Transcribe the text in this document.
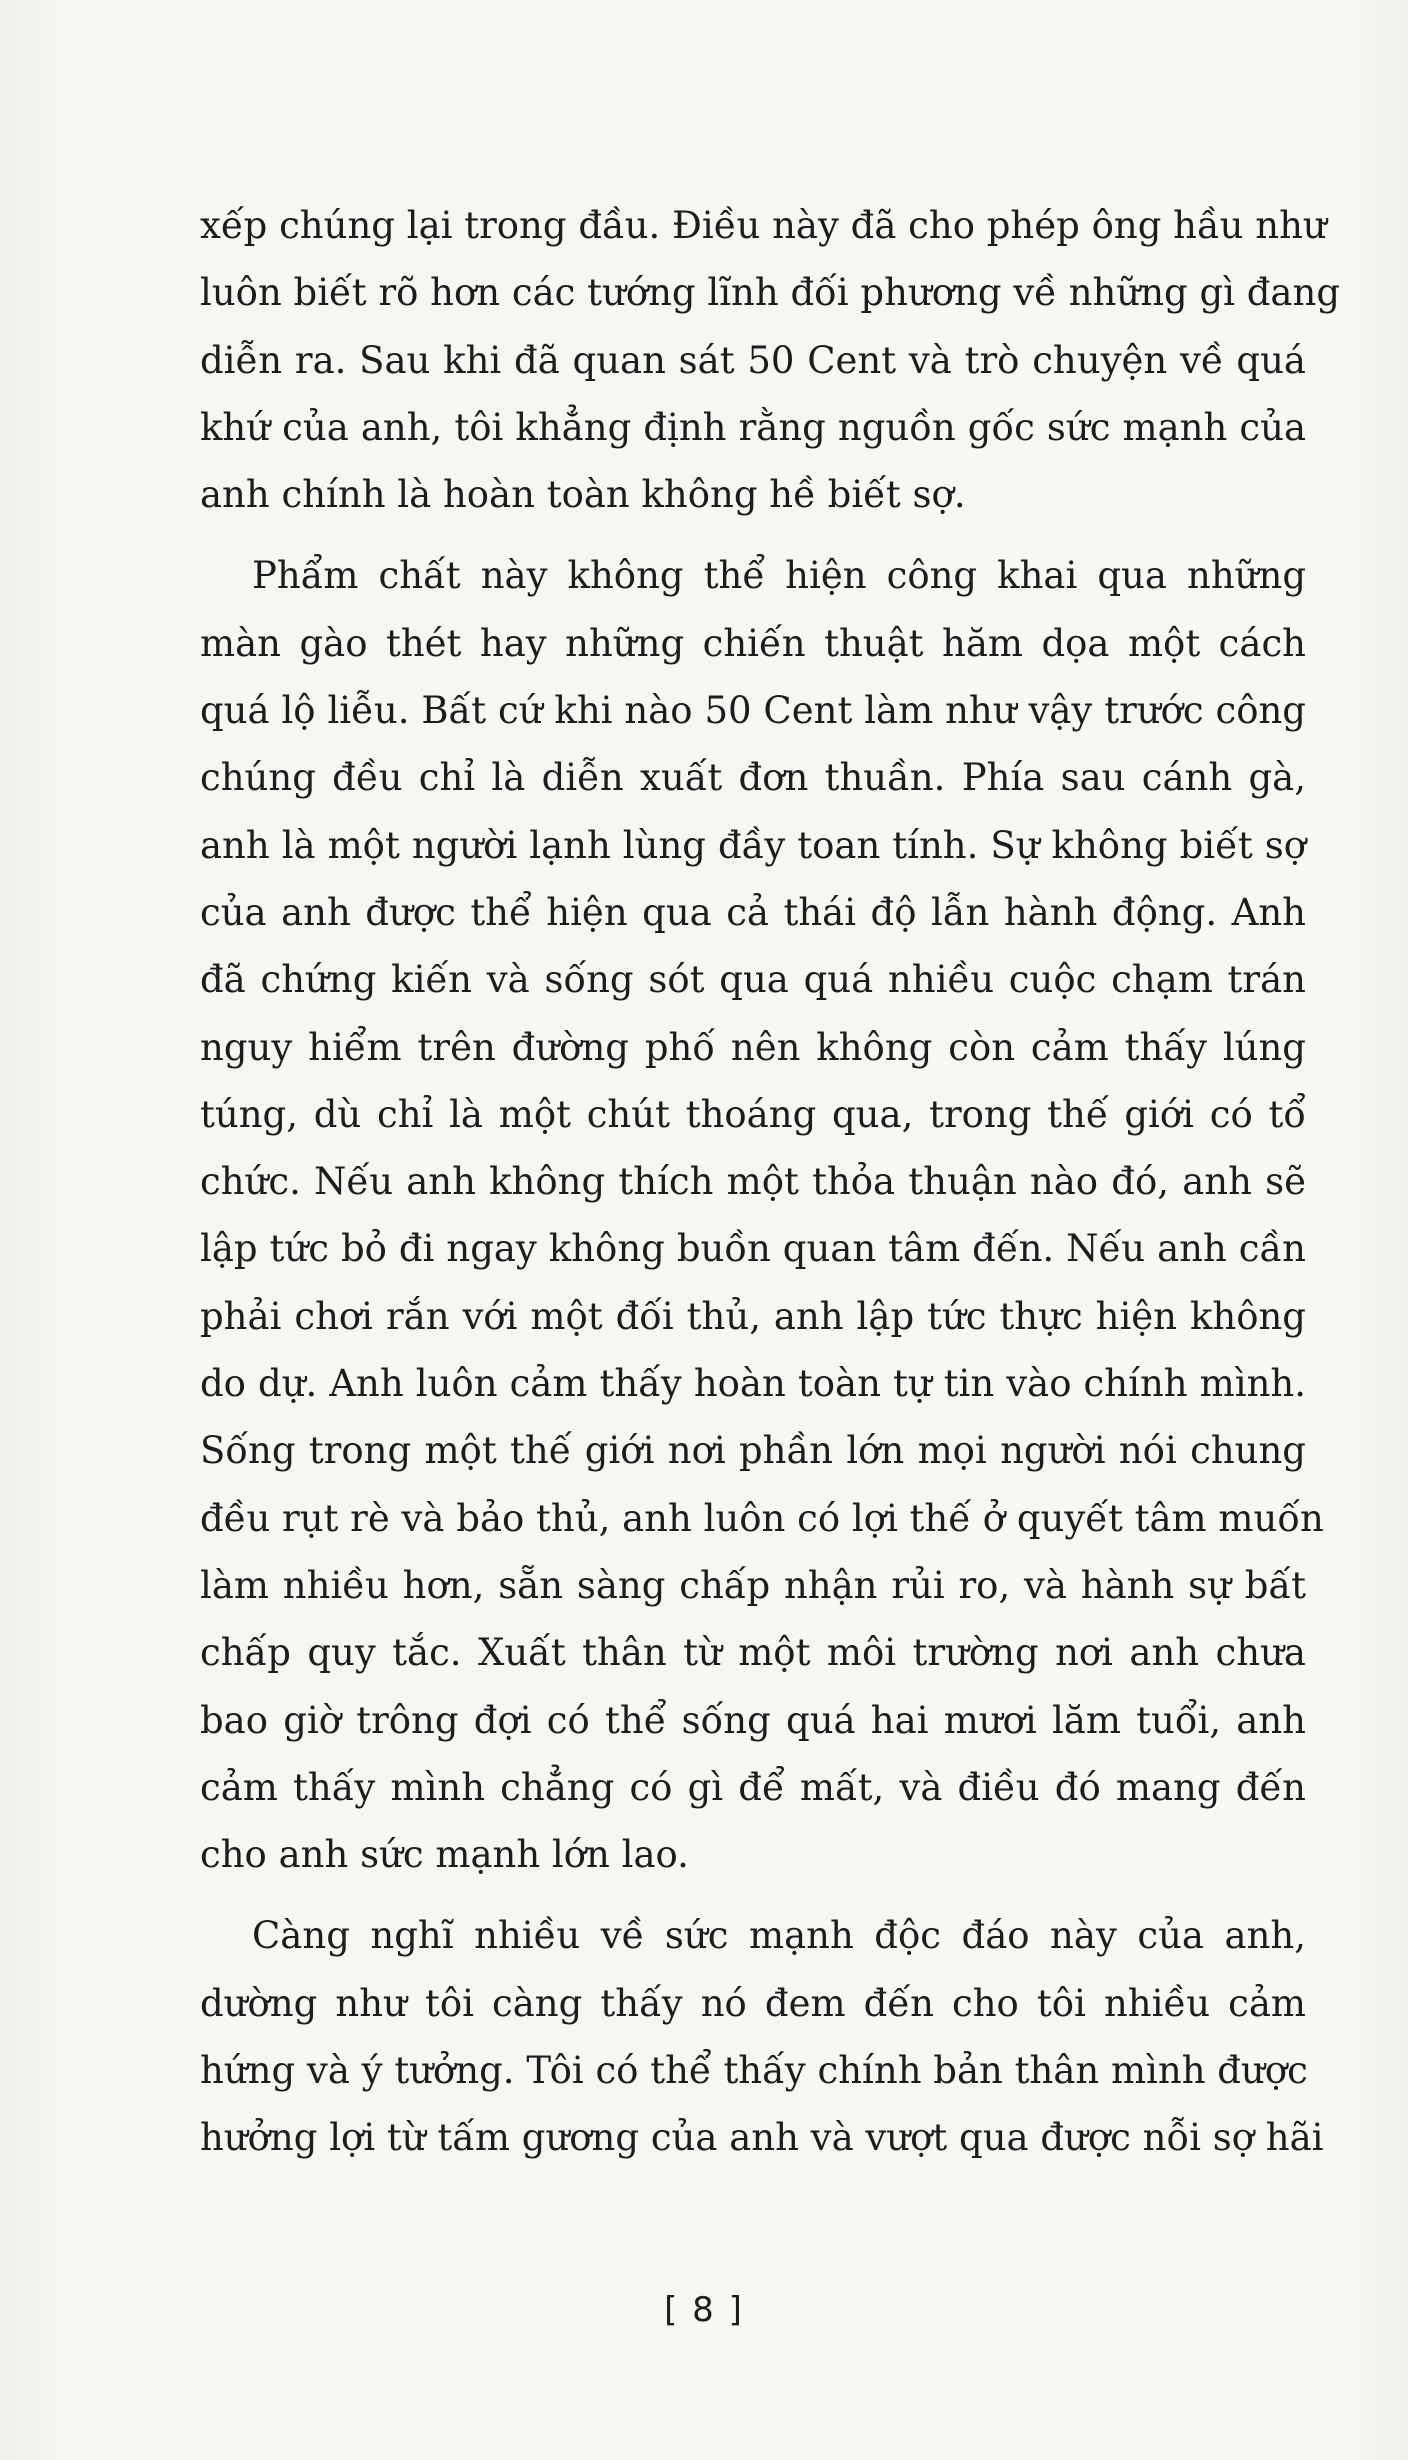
xếp chúng lại trong đầu. Điều này đã cho phép ông hầu như
luôn biết rõ hơn các tướng lĩnh đối phương về những gì đang
diễn ra. Sau khi đã quan sát 50 Cent và trò chuyện về quá
khứ của anh, tôi khẳng định rằng nguồn gốc sức mạnh của
anh chính là hoàn toàn không hề biết sợ.
Phẩm chất này không thể hiện công khai qua những
màn gào thét hay những chiến thuật hăm dọa một cách
quá lộ liễu. Bất cứ khi nào 50 Cent làm như vậy trước công
chúng đều chỉ là diễn xuất đơn thuần. Phía sau cánh gà,
anh là một người lạnh lùng đầy toan tính. Sự không biết sợ
của anh được thể hiện qua cả thái độ lẫn hành động. Anh
đã chứng kiến và sống sót qua quá nhiều cuộc chạm trán
nguy hiểm trên đường phố nên không còn cảm thấy lúng
túng, dù chỉ là một chút thoáng qua, trong thế giới có tổ
chức. Nếu anh không thích một thỏa thuận nào đó, anh sẽ
lập tức bỏ đi ngay không buồn quan tâm đến. Nếu anh cần
phải chơi rắn với một đối thủ, anh lập tức thực hiện không
do dự. Anh luôn cảm thấy hoàn toàn tự tin vào chính mình.
Sống trong một thế giới nơi phần lớn mọi người nói chung
đều rụt rè và bảo thủ, anh luôn có lợi thế ở quyết tâm muốn
làm nhiều hơn, sẵn sàng chấp nhận rủi ro, và hành sự bất
chấp quy tắc. Xuất thân từ một môi trường nơi anh chưa
bao giờ trông đợi có thể sống quá hai mươi lăm tuổi, anh
cảm thấy mình chẳng có gì để mất, và điều đó mang đến
cho anh sức mạnh lớn lao.
Càng nghĩ nhiều về sức mạnh độc đáo này của anh,
dường như tôi càng thấy nó đem đến cho tôi nhiều cảm
hứng và ý tưởng. Tôi có thể thấy chính bản thân mình được
hưởng lợi từ tấm gương của anh và vượt qua được nỗi sợ hãi
[ 8 ]
